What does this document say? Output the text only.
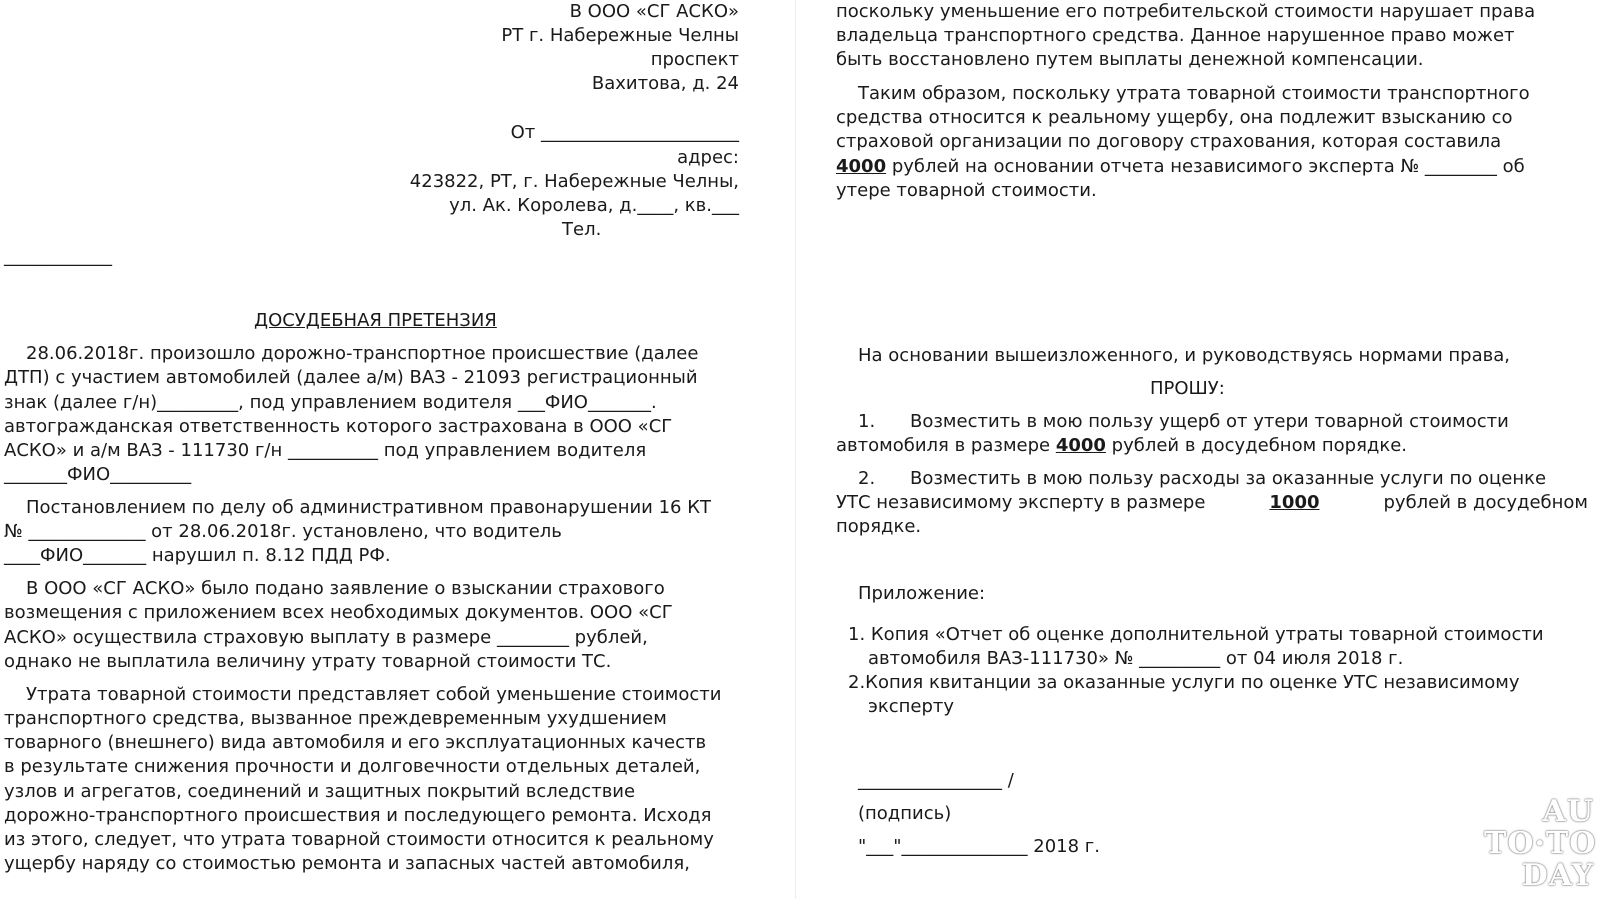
В ООО «СГ АСКО»
РТ г. Набережные Челны
проспект
Вахитова, д. 24
От ______________________
адрес:
423822, РТ, г. Набережные Челны,
ул. Ак. Королева, д.____, кв.___
Тел.
____________
ДОСУДЕБНАЯ ПРЕТЕНЗИЯ
28.06.2018г. произошло дорожно-транспортное происшествие (далее
ДТП) с участием автомобилей (далее а/м) ВАЗ - 21093 регистрационный
знак (далее г/н)_________, под управлением водителя ___ФИО_______.
автогражданская ответственность которого застрахована в ООО «СГ
АСКО» и а/м ВАЗ - 111730 г/н __________ под управлением водителя
_______ФИО_________
Постановлением по делу об административном правонарушении 16 КТ
№ _____________ от 28.06.2018г. установлено, что водитель
____ФИО_______ нарушил п. 8.12 ПДД РФ.
В ООО «СГ АСКО» было подано заявление о взыскании страхового
возмещения с приложением всех необходимых документов. ООО «СГ
АСКО» осуществила страховую выплату в размере ________ рублей,
однако не выплатила величину утрату товарной стоимости ТС.
Утрата товарной стоимости представляет собой уменьшение стоимости
транспортного средства, вызванное преждевременным ухудшением
товарного (внешнего) вида автомобиля и его эксплуатационных качеств
в результате снижения прочности и долговечности отдельных деталей,
узлов и агрегатов, соединений и защитных покрытий вследствие
дорожно-транспортного происшествия и последующего ремонта. Исходя
из этого, следует, что утрата товарной стоимости относится к реальному
ущербу наряду со стоимостью ремонта и запасных частей автомобиля,
поскольку уменьшение его потребительской стоимости нарушает права
владельца транспортного средства. Данное нарушенное право может
быть восстановлено путем выплаты денежной компенсации.
Таким образом, поскольку утрата товарной стоимости транспортного
средства относится к реальному ущербу, она подлежит взысканию со
страховой организации по договору страхования, которая составила
4000 рублей на основании отчета независимого эксперта № ________ об
утере товарной стоимости.
На основании вышеизложенного, и руководствуясь нормами права,
ПРОШУ:
1. Возместить в мою пользу ущерб от утери товарной стоимости
автомобиля в размере 4000 рублей в досудебном порядке.
2. Возместить в мою пользу расходы за оказанные услуги по оценке
УТС независимому эксперту в размере	1000	рублей в досудебном
порядке.
Приложение:
1. Копия «Отчет об оценке дополнительной утраты товарной стоимости
автомобиля ВАЗ-111730» № _________ от 04 июля 2018 г.
2.Копия квитанции за оказанные услуги по оценке УТС независимому
эксперту
________________ /
(подпись)
"___"______________ 2018 г.
AU
TO·TO
DAY
